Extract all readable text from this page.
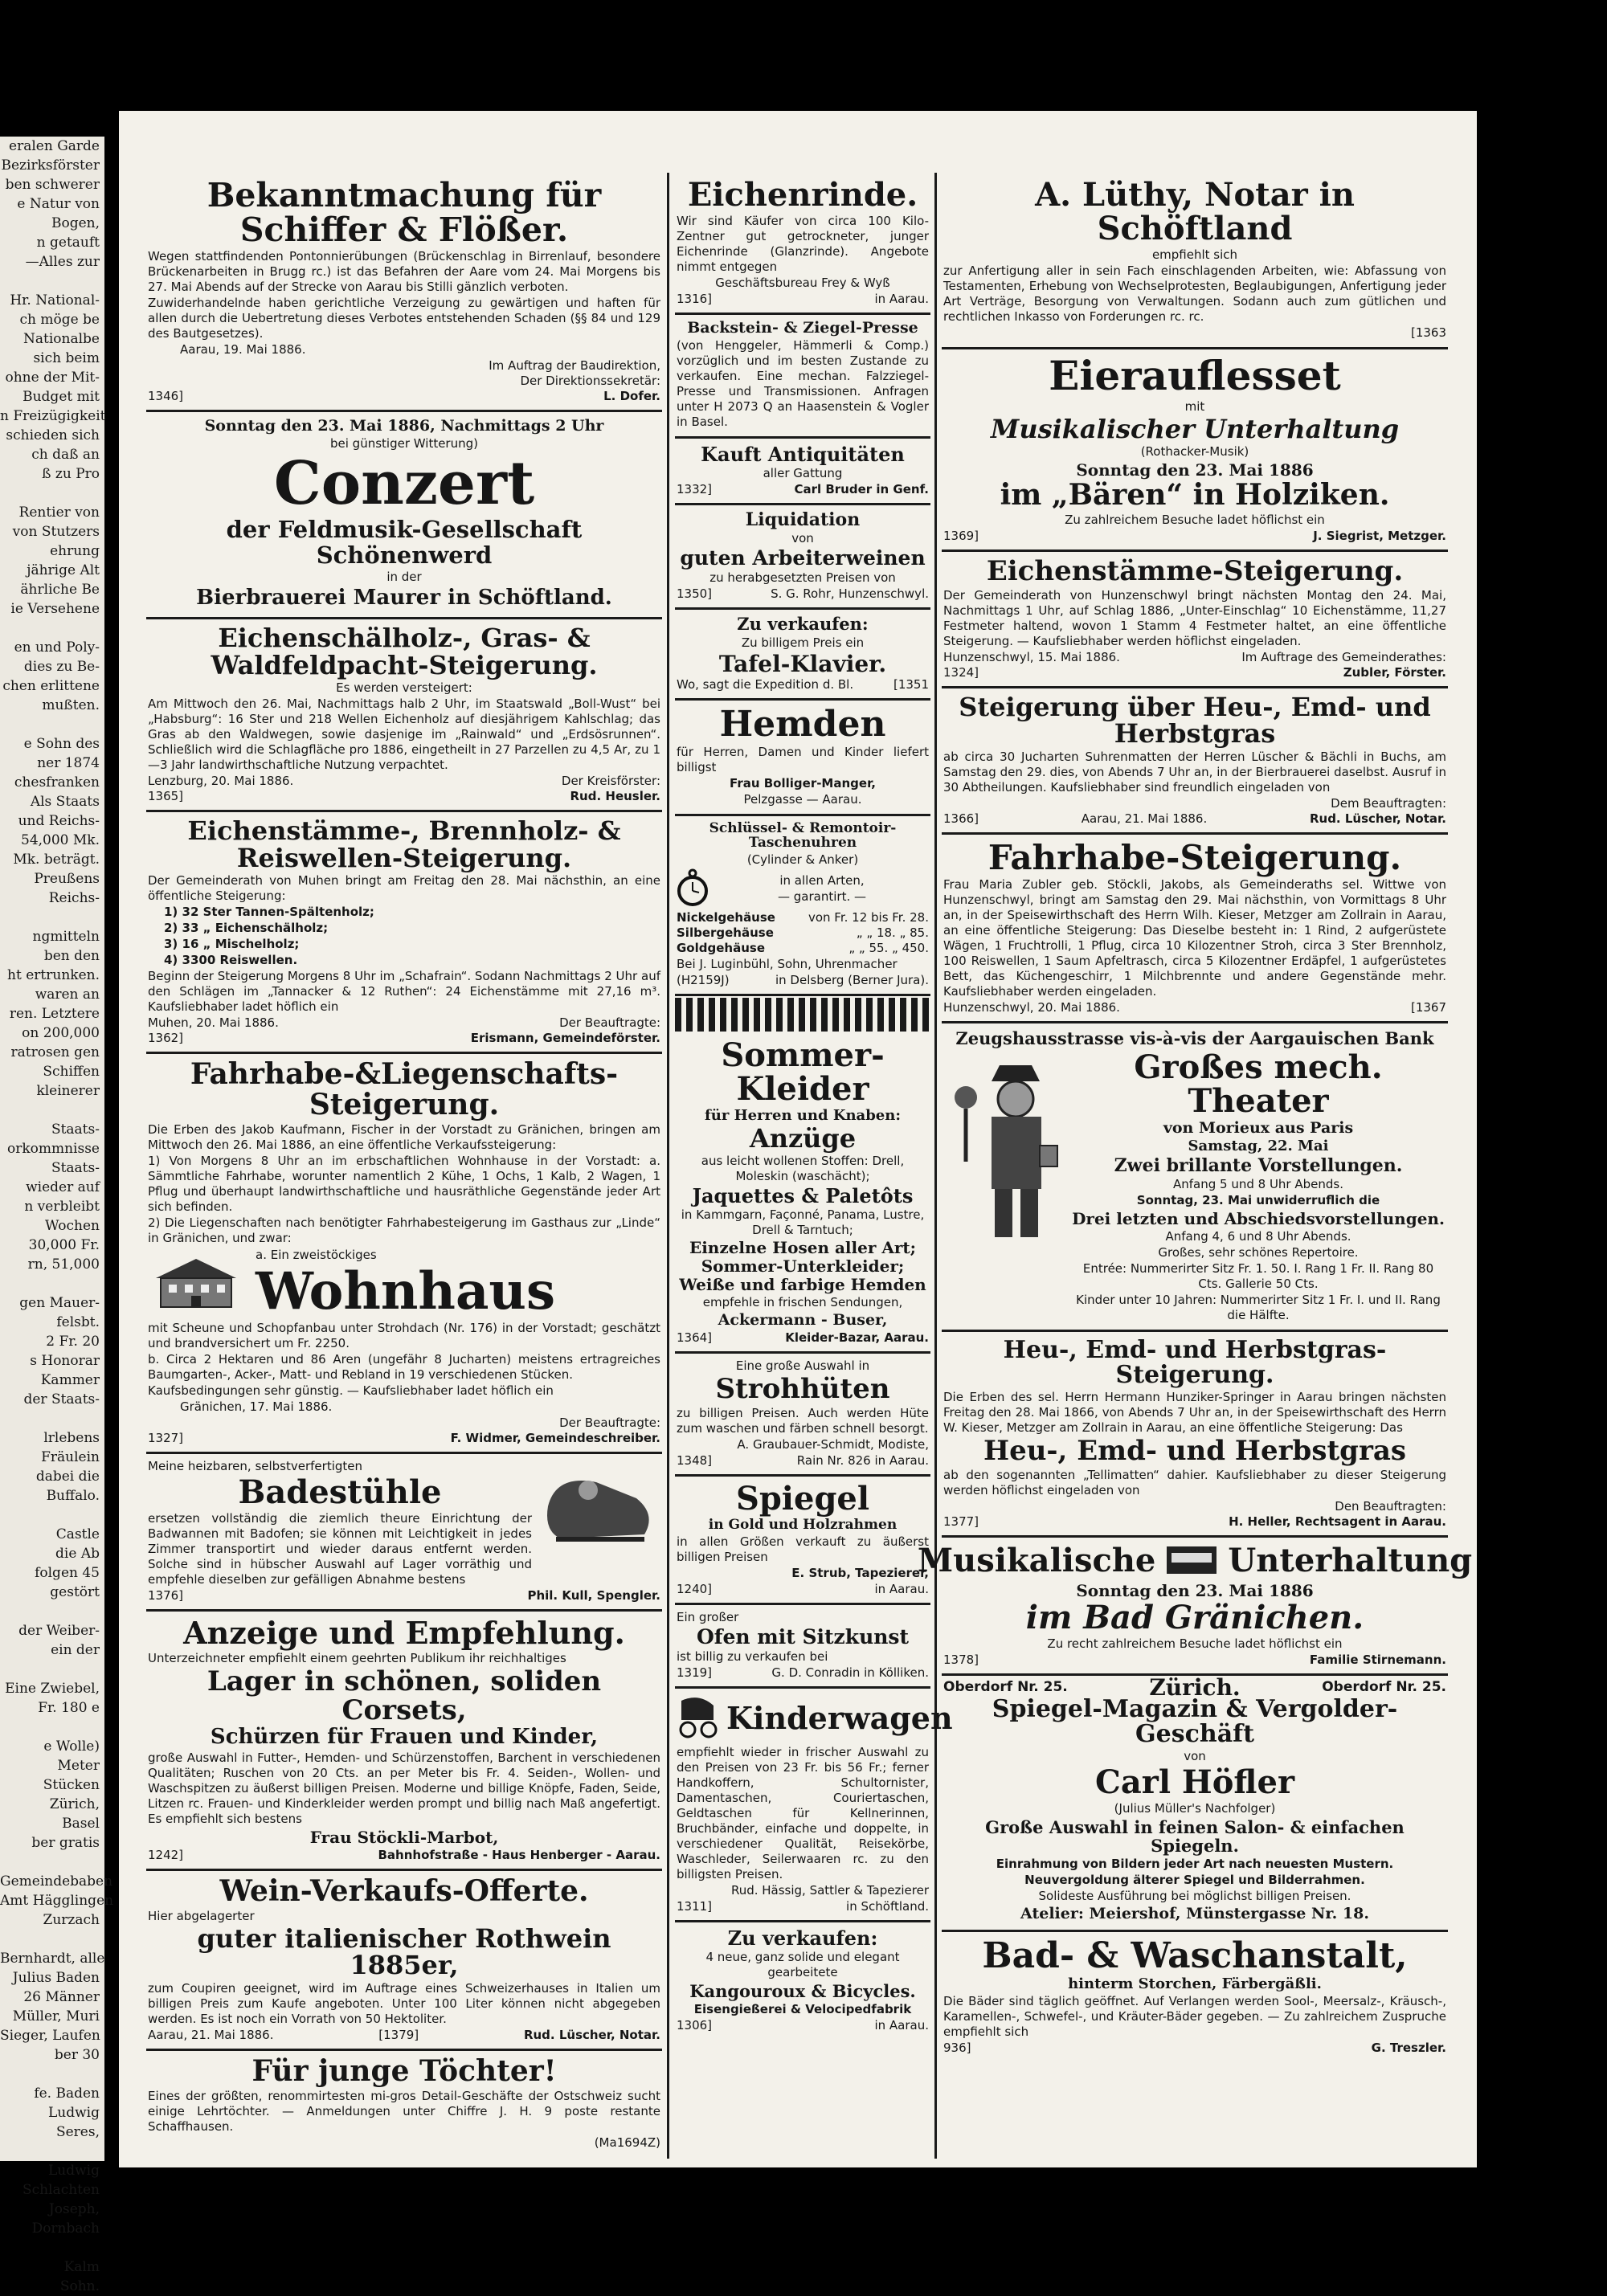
eralen Garde
Bezirksförster
ben schwerer
e Natur von
Bogen,
n getauft
—Alles zur

Hr. National-
ch möge be
Nationalbe
sich beim
ohne der Mit-
Budget mit
n Freizügigkeit
schieden sich
ch daß an
ß zu Pro

Rentier von
von Stutzers
ehrung
jährige Alt
ährliche Be
ie Versehene

en und Poly-
dies zu Be-
chen erlittene
mußten.

e Sohn des
ner 1874
chesfranken
Als Staats
und Reichs-
54,000 Mk.
Mk. beträgt.
Preußens
Reichs-

ngmitteln
ben den
ht ertrunken.
waren an
ren. Letztere
on 200,000
ratrosen gen
Schiffen
kleinerer

Staats-
orkommnisse
Staats-
wieder auf
n verbleibt
Wochen
30,000 Fr.
rn, 51,000

gen Mauer-
felsbt.
2 Fr. 20
s Honorar
Kammer
der Staats-

lrlebens
Fräulein
dabei die
Buffalo.

Castle
die Ab
folgen 45
gestört

der Weiber-
ein der

Eine Zwiebel,
Fr. 180 e

e Wolle)
Meter
Stücken
Zürich,
Basel
ber gratis

Gemeindebaben
Amt Hägglingen
Zurzach

Bernhardt, alle
Julius Baden
26 Männer
Müller, Muri
Sieger, Laufen
ber 30

fe. Baden
Ludwig
Seres,

Ludwig
Schlachten
Joseph,
Dornbach

Kalm
Sohn.
Bekanntmachung für Schiffer & Flößer.
Wegen stattfindenden Pontonnierübungen (Brückenschlag in Birrenlauf, besondere Brückenarbeiten in Brugg rc.) ist das Befahren der Aare vom 24. Mai Morgens bis 27. Mai Abends auf der Strecke von Aarau bis Stilli gänzlich verboten.
Zuwiderhandelnde haben gerichtliche Verzeigung zu gewärtigen und haften für allen durch die Uebertretung dieses Verbotes entstehenden Schaden (§§ 84 und 129 des Bautgesetzes).
Aarau, 19. Mai 1886.
Im Auftrag der Baudirektion,
Der Direktionssekretär:
1346]	L. Dofer.
Sonntag den 23. Mai 1886, Nachmittags 2 Uhr
bei günstiger Witterung)
Conzert
der Feldmusik-Gesellschaft Schönenwerd
in der
Bierbrauerei Maurer in Schöftland.
Eichenschälholz-, Gras- & Waldfeldpacht-Steigerung.
Es werden versteigert:
Am Mittwoch den 26. Mai, Nachmittags halb 2 Uhr, im Staatswald „Boll-Wust“ bei „Habsburg“: 16 Ster und 218 Wellen Eichenholz auf diesjährigem Kahlschlag; das Gras ab den Waldwegen, sowie dasjenige im „Rainwald“ und „Erdsösrunnen“. Schließlich wird die Schlagfläche pro 1886, eingetheilt in 27 Parzellen zu 4,5 Ar, zu 1—3 Jahr landwirthschaftliche Nutzung verpachtet.
Lenzburg, 20. Mai 1886.	Der Kreisförster:
1365]	Rud. Heusler.
Eichenstämme-, Brennholz- & Reiswellen-Steigerung.
Der Gemeinderath von Muhen bringt am Freitag den 28. Mai nächsthin, an eine öffentliche Steigerung:
1) 32 Ster Tannen-Spältenholz;
2) 33 „ Eichenschälholz;
3) 16 „ Mischelholz;
4) 3300 Reiswellen.
Beginn der Steigerung Morgens 8 Uhr im „Schafrain“. Sodann Nachmittags 2 Uhr auf den Schlägen im „Tannacker & 12 Ruthen“: 24 Eichenstämme mit 27,16 m³. Kaufsliebhaber ladet höflich ein
Muhen, 20. Mai 1886.	Der Beauftragte:
1362]	Erismann, Gemeindeförster.
Fahrhabe-&Liegenschafts-Steigerung.
Die Erben des Jakob Kaufmann, Fischer in der Vorstadt zu Gränichen, bringen am Mittwoch den 26. Mai 1886, an eine öffentliche Verkaufssteigerung:
1) Von Morgens 8 Uhr an im erbschaftlichen Wohnhause in der Vorstadt: a. Sämmtliche Fahrhabe, worunter namentlich 2 Kühe, 1 Ochs, 1 Kalb, 2 Wagen, 1 Pflug und überhaupt landwirthschaftliche und hausräthliche Gegenstände jeder Art sich befinden.
2) Die Liegenschaften nach benötigter Fahrhabesteigerung im Gasthaus zur „Linde“ in Gränichen, und zwar:
a. Ein zweistöckiges
Wohnhaus
mit Scheune und Schopfanbau unter Strohdach (Nr. 176) in der Vorstadt; geschätzt und brandversichert um Fr. 2250.
b. Circa 2 Hektaren und 86 Aren (ungefähr 8 Jucharten) meistens ertragreiches Baumgarten-, Acker-, Matt- und Rebland in 19 verschiedenen Stücken.
Kaufsbedingungen sehr günstig. — Kaufsliebhaber ladet höflich ein
Gränichen, 17. Mai 1886.
Der Beauftragte:
1327]	F. Widmer, Gemeindeschreiber.
Meine heizbaren, selbstverfertigten
Badestühle
ersetzen vollständig die ziemlich theure Einrichtung der Badwannen mit Badofen; sie können mit Leichtigkeit in jedes Zimmer transportirt und wieder daraus entfernt werden. Solche sind in hübscher Auswahl auf Lager vorräthig und empfehle dieselben zur gefälligen Abnahme bestens
1376]	Phil. Kull, Spengler.
Anzeige und Empfehlung.
Unterzeichneter empfiehlt einem geehrten Publikum ihr reichhaltiges
Lager in schönen, soliden Corsets,
Schürzen für Frauen und Kinder,
große Auswahl in Futter-, Hemden- und Schürzenstoffen, Barchent in verschiedenen Qualitäten; Ruschen von 20 Cts. an per Meter bis Fr. 4. Seiden-, Wollen- und Waschspitzen zu äußerst billigen Preisen. Moderne und billige Knöpfe, Faden, Seide, Litzen rc. Frauen- und Kinderkleider werden prompt und billig nach Maß angefertigt. Es empfiehlt sich bestens
Frau Stöckli-Marbot,
1242]	Bahnhofstraße - Haus Henberger - Aarau.
Wein-Verkaufs-Offerte.
Hier abgelagerter
guter italienischer Rothwein 1885er,
zum Coupiren geeignet, wird im Auftrage eines Schweizerhauses in Italien um billigen Preis zum Kaufe angeboten. Unter 100 Liter können nicht abgegeben werden. Es ist noch ein Vorrath von 50 Hektoliter.
Aarau, 21. Mai 1886.	[1379]	Rud. Lüscher, Notar.
Für junge Töchter!
Eines der größten, renommirtesten mi-gros Detail-Geschäfte der Ostschweiz sucht einige Lehrtöchter. — Anmeldungen unter Chiffre J. H. 9 poste restante Schaffhausen.
(Ma1694Z)
Eichenrinde.
Wir sind Käufer von circa 100 Kilo-Zentner gut getrockneter, junger Eichenrinde (Glanzrinde). Angebote nimmt entgegen
Geschäftsbureau Frey & Wyß
1316]	in Aarau.
Backstein- & Ziegel-Presse
(von Henggeler, Hämmerli & Comp.) vorzüglich und im besten Zustande zu verkaufen. Eine mechan. Falzziegel-Presse und Transmissionen. Anfragen unter H 2073 Q an Haasenstein & Vogler in Basel.
Kauft Antiquitäten
aller Gattung
1332]	Carl Bruder in Genf.
Liquidation
von
guten Arbeiterweinen
zu herabgesetzten Preisen von
1350]	S. G. Rohr, Hunzenschwyl.
Zu verkaufen:
Zu billigem Preis ein
Tafel-Klavier.
Wo, sagt die Expedition d. Bl.	[1351
Hemden
für Herren, Damen und Kinder liefert billigst
Frau Bolliger-Manger,
Pelzgasse — Aarau.
Schlüssel- & Remontoir-Taschenuhren
(Cylinder & Anker)
in allen Arten,
— garantirt. —
Nickelgehäuse	von Fr. 12 bis Fr. 28.
Silbergehäuse	„ „ 18. „ 85.
Goldgehäuse	„ „ 55. „ 450.
Bei J. Luginbühl, Sohn, Uhrenmacher
(H2159J)	in Delsberg (Berner Jura).
Sommer-Kleider
für Herren und Knaben:
Anzüge
aus leicht wollenen Stoffen: Drell, Moleskin (waschächt);
Jaquettes & Paletôts
in Kammgarn, Façonné, Panama, Lustre, Drell & Tarntuch;
Einzelne Hosen aller Art;
Sommer-Unterkleider;
Weiße und farbige Hemden
empfehle in frischen Sendungen,
Ackermann - Buser,
1364]	Kleider-Bazar, Aarau.
Eine große Auswahl in
Strohhüten
zu billigen Preisen. Auch werden Hüte zum waschen und färben schnell besorgt.
A. Graubauer-Schmidt, Modiste,
1348]	Rain Nr. 826 in Aarau.
Spiegel
in Gold und Holzrahmen
in allen Größen verkauft zu äußerst billigen Preisen
E. Strub, Tapezierer,
1240]	in Aarau.
Ein großer
Ofen mit Sitzkunst
ist billig zu verkaufen bei
1319]	G. D. Conradin in Kölliken.
Kinderwagen
empfiehlt wieder in frischer Auswahl zu den Preisen von 23 Fr. bis 56 Fr.; ferner Handkoffern, Schultornister, Damentaschen, Couriertaschen, Geldtaschen für Kellnerinnen, Bruchbänder, einfache und doppelte, in verschiedener Qualität, Reisekörbe, Waschleder, Seilerwaaren rc. zu den billigsten Preisen.
Rud. Hässig, Sattler & Tapezierer
1311]	in Schöftland.
Zu verkaufen:
4 neue, ganz solide und elegant gearbeitete
Kangouroux & Bicycles.
Eisengießerei & Velocipedfabrik
1306]	in Aarau.
A. Lüthy, Notar in Schöftland
empfiehlt sich
zur Anfertigung aller in sein Fach einschlagenden Arbeiten, wie: Abfassung von Testamenten, Erhebung von Wechselprotesten, Beglaubigungen, Anfertigung jeder Art Verträge, Besorgung von Verwaltungen. Sodann auch zum gütlichen und rechtlichen Inkasso von Forderungen rc. rc.
[1363
Eierauflesset
mit
Musikalischer Unterhaltung
(Rothacker-Musik)
Sonntag den 23. Mai 1886
im „Bären“ in Holziken.
Zu zahlreichem Besuche ladet höflichst ein
1369]	J. Siegrist, Metzger.
Eichenstämme-Steigerung.
Der Gemeinderath von Hunzenschwyl bringt nächsten Montag den 24. Mai, Nachmittags 1 Uhr, auf Schlag 1886, „Unter-Einschlag“ 10 Eichenstämme, 11,27 Festmeter haltend, wovon 1 Stamm 4 Festmeter haltet, an eine öffentliche Steigerung. — Kaufsliebhaber werden höflichst eingeladen.
Hunzenschwyl, 15. Mai 1886.	Im Auftrage des Gemeinderathes:
1324]	Zubler, Förster.
Steigerung über Heu-, Emd- und Herbstgras
ab circa 30 Jucharten Suhrenmatten der Herren Lüscher & Bächli in Buchs, am Samstag den 29. dies, von Abends 7 Uhr an, in der Bierbrauerei daselbst. Ausruf in 30 Abtheilungen. Kaufsliebhaber sind freundlich eingeladen von
Dem Beauftragten:
1366]	Aarau, 21. Mai 1886.	Rud. Lüscher, Notar.
Fahrhabe-Steigerung.
Frau Maria Zubler geb. Stöckli, Jakobs, als Gemeinderaths sel. Wittwe von Hunzenschwyl, bringt am Samstag den 29. Mai nächsthin, von Vormittags 8 Uhr an, in der Speisewirthschaft des Herrn Wilh. Kieser, Metzger am Zollrain in Aarau, an eine öffentliche Steigerung: Das Dieselbe besteht in: 1 Rind, 2 aufgerüstete Wägen, 1 Fruchtrolli, 1 Pflug, circa 10 Kilozentner Stroh, circa 3 Ster Brennholz, 100 Reiswellen, 1 Saum Apfeltrasch, circa 5 Kilozentner Erdäpfel, 1 aufgerüstetes Bett, das Küchengeschirr, 1 Milchbrennte und andere Gegenstände mehr. Kaufsliebhaber werden eingeladen.
Hunzenschwyl, 20. Mai 1886.	[1367
Zeugshausstrasse vis-à-vis der Aargauischen Bank
Großes mech. Theater
von Morieux aus Paris
Samstag, 22. Mai
Zwei brillante Vorstellungen.
Anfang 5 und 8 Uhr Abends.
Sonntag, 23. Mai unwiderruflich die
Drei letzten und Abschiedsvorstellungen.
Anfang 4, 6 und 8 Uhr Abends.
Großes, sehr schönes Repertoire.
Entrée: Nummerirter Sitz Fr. 1. 50. I. Rang 1 Fr. II. Rang 80 Cts. Gallerie 50 Cts.
Kinder unter 10 Jahren: Nummerirter Sitz 1 Fr. I. und II. Rang die Hälfte.
Heu-, Emd- und Herbstgras-Steigerung.
Die Erben des sel. Herrn Hermann Hunziker-Springer in Aarau bringen nächsten Freitag den 28. Mai 1866, von Abends 7 Uhr an, in der Speisewirthschaft des Herrn W. Kieser, Metzger am Zollrain in Aarau, an eine öffentliche Steigerung: Das
Heu-, Emd- und Herbstgras
ab den sogenannten „Tellimatten“ dahier. Kaufsliebhaber zu dieser Steigerung werden höflichst eingeladen von
Den Beauftragten:
1377]	H. Heller, Rechtsagent in Aarau.
Musikalische Unterhaltung
Sonntag den 23. Mai 1886
im Bad Gränichen.
Zu recht zahlreichem Besuche ladet höflichst ein
1378]	Familie Stirnemann.
Oberdorf Nr. 25.	Zürich.	Oberdorf Nr. 25.
Spiegel-Magazin & Vergolder-Geschäft
von
Carl Höfler
(Julius Müller's Nachfolger)
Große Auswahl in feinen Salon- & einfachen Spiegeln.
Einrahmung von Bildern jeder Art nach neuesten Mustern.
Neuvergoldung älterer Spiegel und Bilderrahmen.
Solideste Ausführung bei möglichst billigen Preisen.
Atelier: Meiershof, Münstergasse Nr. 18.
Bad- & Waschanstalt,
hinterm Storchen, Färbergäßli.
Die Bäder sind täglich geöffnet. Auf Verlangen werden Sool-, Meersalz-, Kräusch-, Karamellen-, Schwefel-, und Kräuter-Bäder gegeben. — Zu zahlreichem Zuspruche empfiehlt sich
936]	G. Treszler.
